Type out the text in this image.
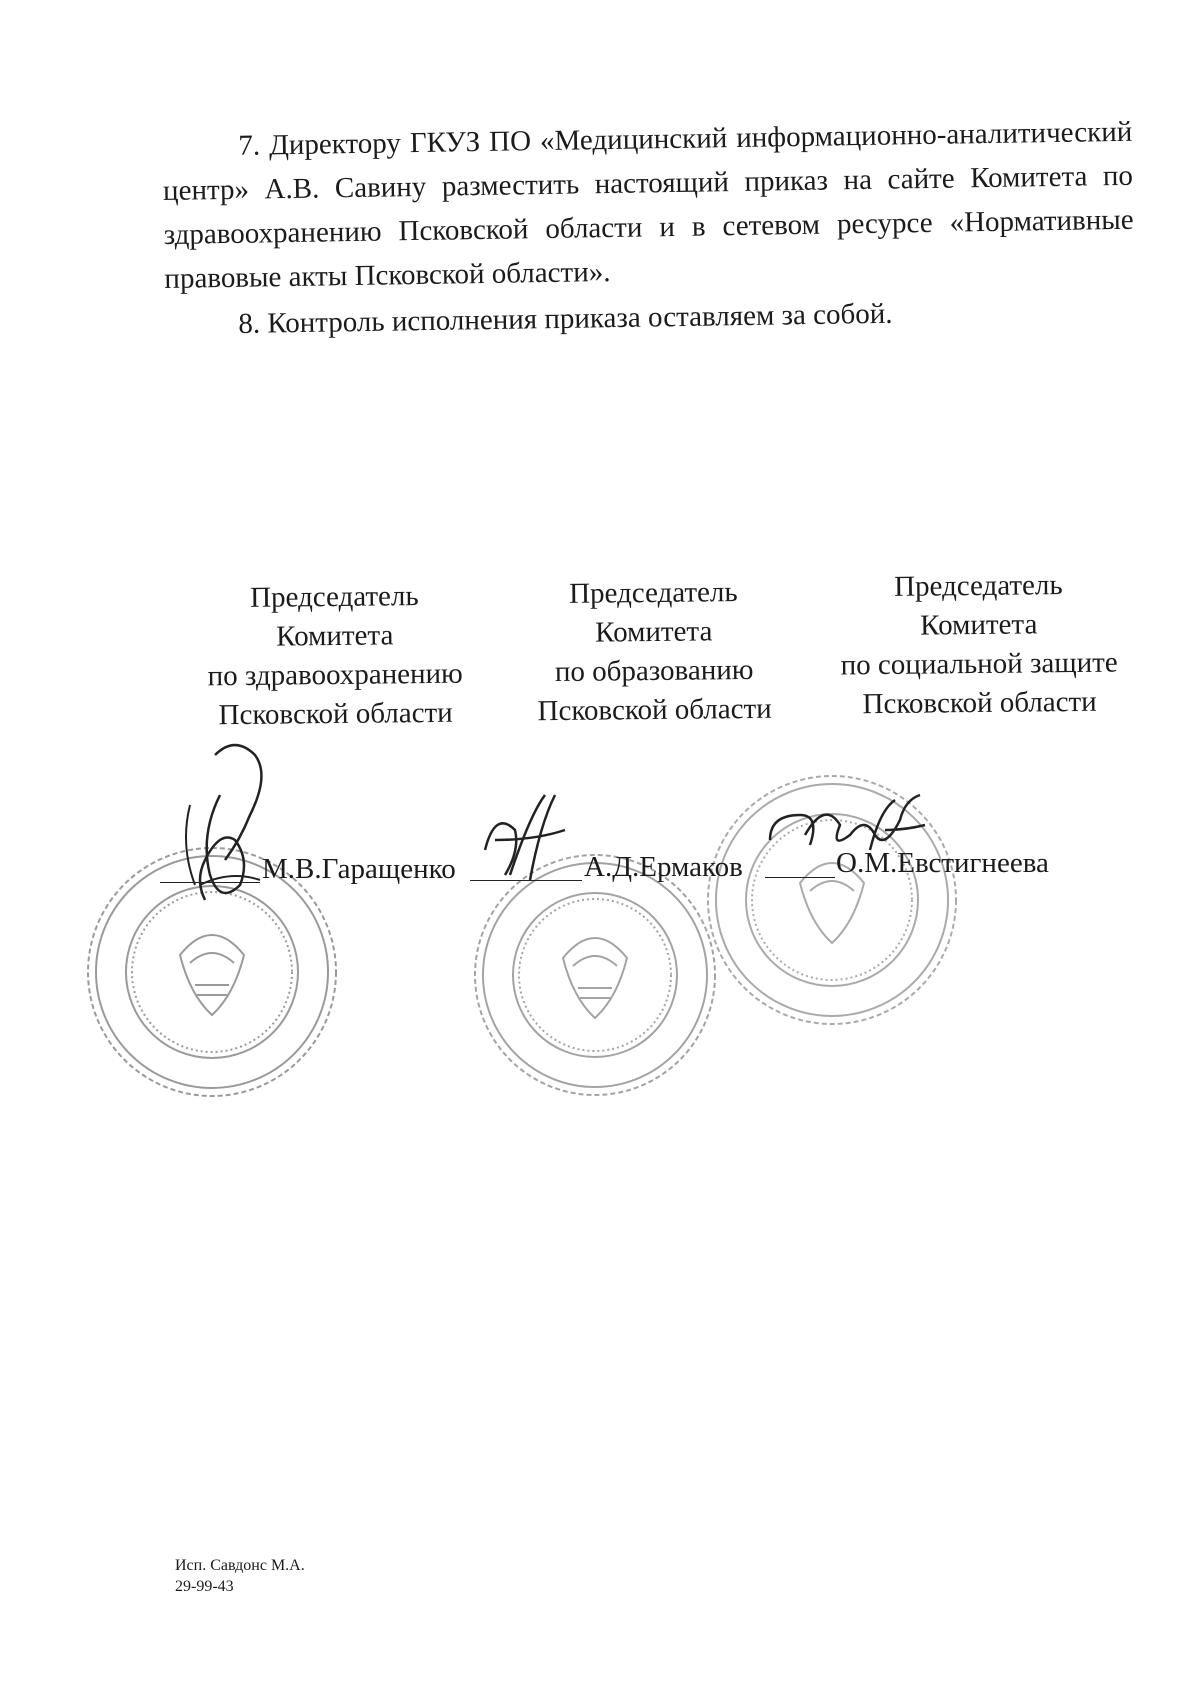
7. Директору ГКУЗ ПО «Медицинский информационно-аналитический центр» А.В. Савину разместить настоящий приказ на сайте Комитета по здравоохранению Псковской области и в сетевом ресурсе «Нормативные правовые акты Псковской области».

8. Контроль исполнения приказа оставляем за собой.

Председатель
Комитета
по здравоохранению
Псковской области
Председатель
Комитета
по образованию
Псковской области
Председатель
Комитета
по социальной защите
Псковской области
М.В.Гаращенко	А.Д.Ермаков	О.М.Евстигнеева
Исп. Савдонс М.А.
29-99-43
